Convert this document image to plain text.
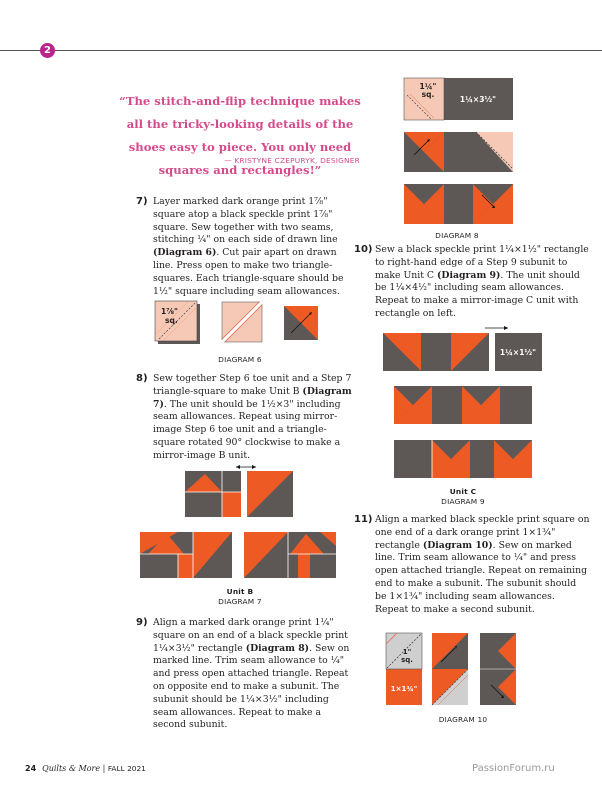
2
“The stitch-and-flip technique makes all the tricky-looking details of the shoes easy to piece. You only need squares and rectangles!”
— KRISTYNE CZEPURYK, DESIGNER
7) Layer marked dark orange print 1⅞" square atop a black speckle print 1⅞" square. Sew together with two seams, stitching ¼" on each side of drawn line (Diagram 6). Cut pair apart on drawn line. Press open to make two triangle-squares. Each triangle-square should be 1½" square including seam allowances.
1⅞"
sq.
DIAGRAM 6
8) Sew together Step 6 toe unit and a Step 7 triangle-square to make Unit B (Diagram 7). The unit should be 1½×3" including seam allowances. Repeat using mirror-image Step 6 toe unit and a triangle-square rotated 90° clockwise to make a mirror-image B unit.
Unit B
DIAGRAM 7
9) Align a marked dark orange print 1¼" square on an end of a black speckle print 1¼×3½" rectangle (Diagram 8). Sew on marked line. Trim seam allowance to ¼" and press open attached triangle. Repeat on opposite end to make a subunit. The subunit should be 1¼×3½" including seam allowances. Repeat to make a second subunit.
1¼"
sq.
1¼×3½"
DIAGRAM 8
10) Sew a black speckle print 1¼×1½" rectangle to right-hand edge of a Step 9 subunit to make Unit C (Diagram 9). The unit should be 1¼×4½" including seam allowances. Repeat to make a mirror-image C unit with rectangle on left.
1¼×1½"
Unit C
DIAGRAM 9
11) Align a marked black speckle print square on one end of a dark orange print 1×1¾" rectangle (Diagram 10). Sew on marked line. Trim seam allowance to ¼" and press open attached triangle. Repeat on remaining end to make a subunit. The subunit should be 1×1¾" including seam allowances. Repeat to make a second subunit.
1"
sq.
1×1¾"
DIAGRAM 10
24 Quilts & More | FALL 2021	PassionForum.ru
